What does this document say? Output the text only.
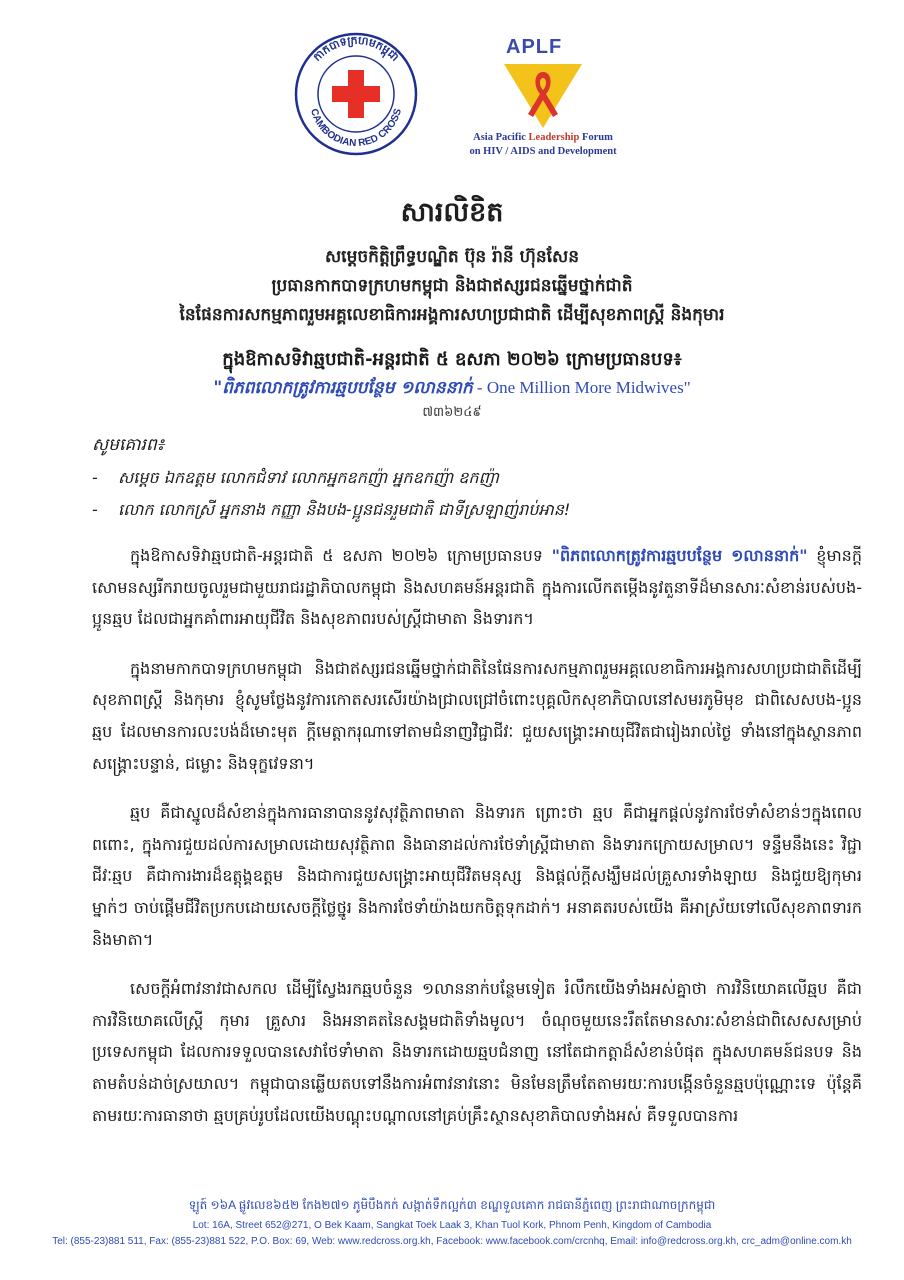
កាកបាទក្រហមកម្ពុជា
CAMBODIAN RED CROSS
APLF
Asia Pacific Leadership Forum
on HIV / AIDS and Development
សារលិខិត
សម្តេចកិត្តិព្រឹទ្ធបណ្ឌិត ប៊ុន រ៉ានី ហ៊ុនសែន
ប្រធានកាកបាទក្រហមកម្ពុជា និងជាឥស្សរជនឆ្នើមថ្នាក់ជាតិ
នៃផែនការសកម្មភាពរួមអគ្គលេខាធិការអង្គការសហប្រជាជាតិ ដើម្បីសុខភាពស្ត្រី និងកុមារ
ក្នុងឱកាសទិវាឆ្មបជាតិ-អន្តរជាតិ ៥ ឧសភា ២០២៦ ក្រោមប្រធានបទ៖
"ពិភពលោកត្រូវការឆ្មបបន្ថែម ១លាននាក់ - One Million More Midwives"
៧៣៦២៤៩
សូមគោរព៖
- សម្តេច ឯកឧត្តម លោកជំទាវ លោកអ្នកឧកញ៉ា អ្នកឧកញ៉ា ឧកញ៉ា
- លោក លោកស្រី អ្នកនាង កញ្ញា និងបង-ប្អូនជនរួមជាតិ ជាទីស្រឡាញ់រាប់អាន!

ក្នុងឱកាសទិវាឆ្មបជាតិ-អន្តរជាតិ ៥ ឧសភា ២០២៦ ក្រោមប្រធានបទ "ពិភពលោកត្រូវការឆ្មបបន្ថែម ១លាននាក់" ខ្ញុំមានក្តីសោមនស្សរីករាយចូលរួមជាមួយរាជរដ្ឋាភិបាលកម្ពុជា និងសហគមន៍អន្តរជាតិ ក្នុងការលើកតម្កើងនូវតួនាទីដ៏មានសារៈសំខាន់របស់បង-ប្អូនឆ្មប ដែលជាអ្នកគាំពារអាយុជីវិត និងសុខភាពរបស់ស្ត្រីជាមាតា និងទារក។

ក្នុងនាមកាកបាទក្រហមកម្ពុជា និងជាឥស្សរជនឆ្នើមថ្នាក់ជាតិនៃផែនការសកម្មភាពរួមអគ្គលេខាធិការអង្គការសហប្រជាជាតិដើម្បីសុខភាពស្ត្រី និងកុមារ ខ្ញុំសូមថ្លែងនូវការកោតសរសើរយ៉ាងជ្រាលជ្រៅចំពោះបុគ្គលិកសុខាភិបាលនៅសមរភូមិមុខ ជាពិសេសបង-ប្អូនឆ្មប ដែលមានការលះបង់ដ៏មោះមុត ក្តីមេត្តាករុណាទៅតាមជំនាញវិជ្ជាជីវៈ ជួយសង្គ្រោះអាយុជីវិតជារៀងរាល់ថ្ងៃ ទាំងនៅក្នុងស្ថានភាពសង្គ្រោះបន្ទាន់, ជម្លោះ និងទុក្ខវេទនា។

ឆ្មប គឺជាស្នូលដ៏សំខាន់ក្នុងការធានាបាននូវសុវត្ថិភាពមាតា និងទារក ព្រោះថា ឆ្មប គឺជាអ្នកផ្តល់នូវការថែទាំសំខាន់ៗក្នុងពេលពពោះ, ក្នុងការជួយដល់ការសម្រាលដោយសុវត្ថិភាព និងធានាដល់ការថែទាំស្ត្រីជាមាតា និងទារកក្រោយសម្រាល។ ទន្ទឹមនឹងនេះ វិជ្ជាជីវៈឆ្មប គឺជាការងារដ៏ឧត្តុង្គឧត្តម និងជាការជួយសង្គ្រោះអាយុជីវិតមនុស្ស និងផ្តល់ក្តីសង្ឃឹមដល់គ្រួសារទាំងឡាយ និងជួយឱ្យកុមារម្នាក់ៗ ចាប់ផ្តើមជីវិតប្រកបដោយសេចក្តីថ្លៃថ្នូរ និងការថែទាំយ៉ាងយកចិត្តទុកដាក់។ អនាគតរបស់យើង គឺអាស្រ័យទៅលើសុខភាពទារក និងមាតា។

សេចក្តីអំពាវនាវជាសកល ដើម្បីស្វែងរកឆ្មបចំនួន ១លាននាក់បន្ថែមទៀត រំលឹកយើងទាំងអស់គ្នាថា ការវិនិយោគលើឆ្មប គឺជាការវិនិយោគលើស្ត្រី កុមារ គ្រួសារ និងអនាគតនៃសង្គមជាតិទាំងមូល។ ចំណុចមួយនេះរឹតតែមានសារៈសំខាន់ជាពិសេសសម្រាប់ប្រទេសកម្ពុជា ដែលការទទួលបានសេវាថែទាំមាតា និងទារកដោយឆ្មបជំនាញ នៅតែជាកត្តាដ៏សំខាន់បំផុត ក្នុងសហគមន៍ជនបទ និងតាមតំបន់ដាច់ស្រយាល។ កម្ពុជាបានឆ្លើយតបទៅនឹងការអំពាវនាវនោះ មិនមែនត្រឹមតែតាមរយៈការបង្កើនចំនួនឆ្មបប៉ុណ្ណោះទេ ប៉ុន្តែគឺតាមរយៈការធានាថា ឆ្មបគ្រប់រូបដែលយើងបណ្តុះបណ្តាលនៅគ្រប់គ្រឹះស្ថានសុខាភិបាលទាំងអស់ គឺទទួលបានការ

ឡូត៍ ១៦A ផ្លូវលេខ៦៥២ កែង២៧១ ភូមិបឹងកក់ សង្កាត់ទឹកល្អក់៣ ខណ្ឌទួលគោក រាជធានីភ្នំពេញ ព្រះរាជាណាចក្រកម្ពុជា

Lot: 16A, Street 652@271, O Bek Kaam, Sangkat Toek Laak 3, Khan Tuol Kork, Phnom Penh, Kingdom of Cambodia

Tel: (855-23)881 511, Fax: (855-23)881 522, P.O. Box: 69, Web: www.redcross.org.kh, Facebook: www.facebook.com/crcnhq, Email: info@redcross.org.kh, crc_adm@online.com.kh
